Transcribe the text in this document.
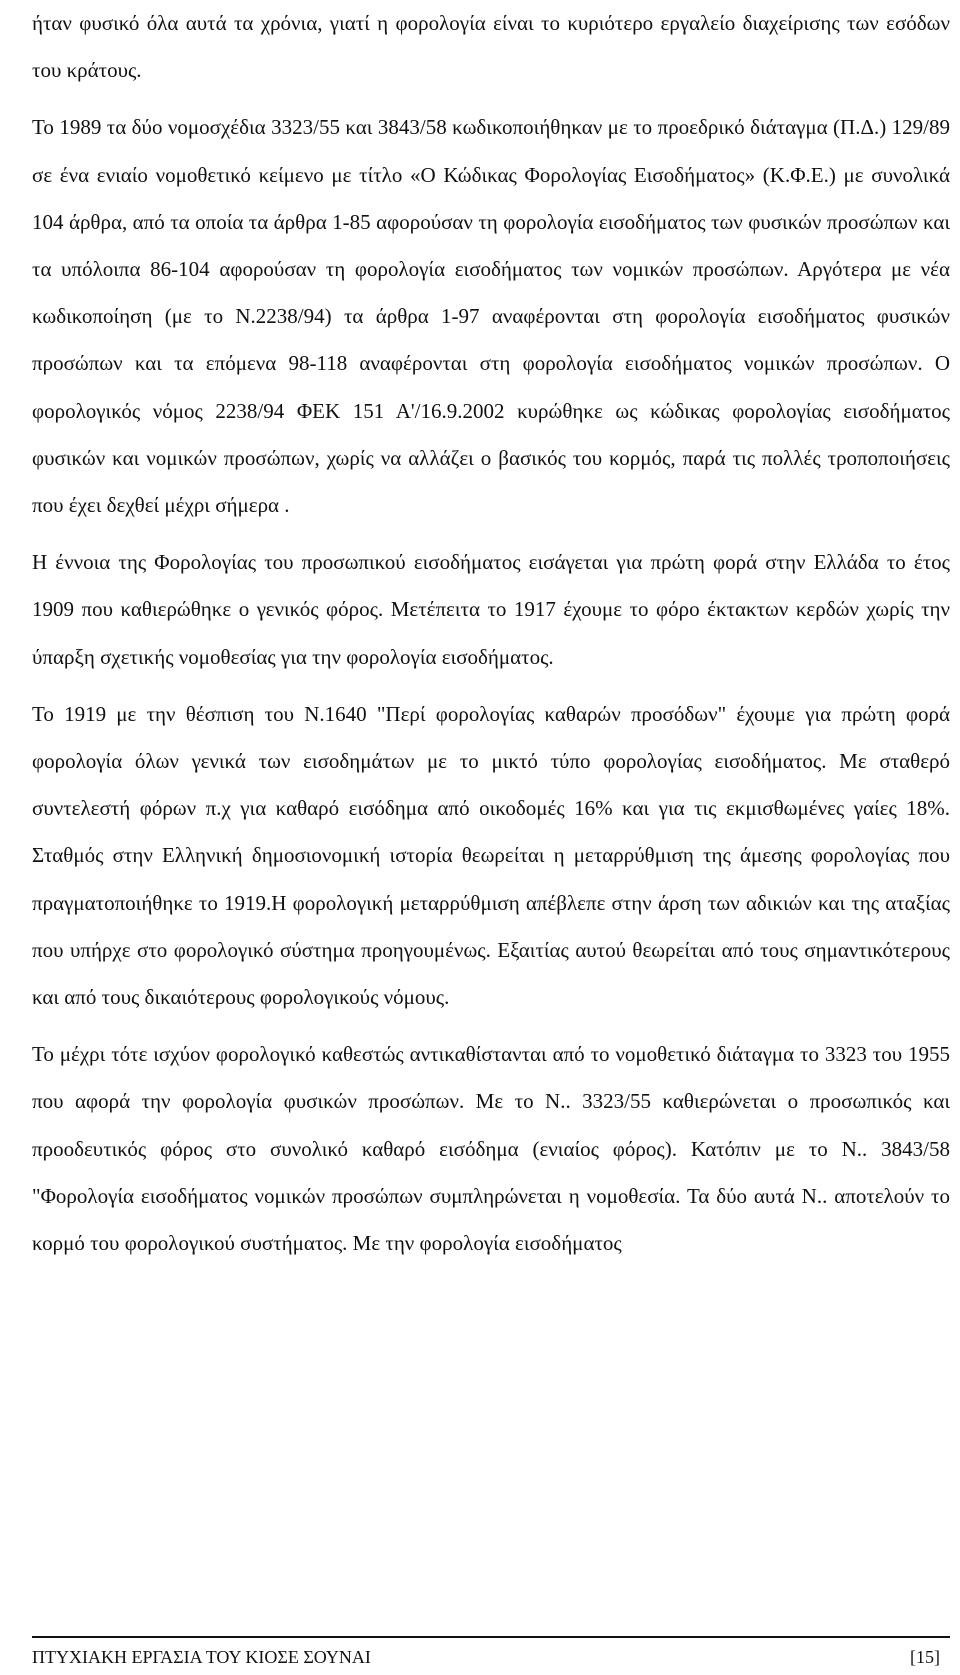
ήταν φυσικό όλα αυτά τα χρόνια, γιατί η φορολογία είναι το κυριότερο εργαλείο διαχείρισης των εσόδων του κράτους.

Το 1989 τα δύο νομοσχέδια 3323/55 και 3843/58 κωδικοποιήθηκαν με το προεδρικό διάταγμα (Π.Δ.) 129/89 σε ένα ενιαίο νομοθετικό κείμενο με τίτλο «Ο Κώδικας Φορολογίας Εισοδήματος» (Κ.Φ.Ε.) με συνολικά 104 άρθρα, από τα οποία τα άρθρα 1-85 αφορούσαν τη φορολογία εισοδήματος των φυσικών προσώπων και τα υπόλοιπα 86-104 αφορούσαν τη φορολογία εισοδήματος των νομικών προσώπων. Αργότερα με νέα κωδικοποίηση (με το Ν.2238/94) τα άρθρα 1-97 αναφέρονται στη φορολογία εισοδήματος φυσικών προσώπων και τα επόμενα 98-118 αναφέρονται στη φορολογία εισοδήματος νομικών προσώπων. Ο φορολογικός νόμος 2238/94 ΦΕΚ 151 Α'/16.9.2002 κυρώθηκε ως κώδικας φορολογίας εισοδήματος φυσικών και νομικών προσώπων, χωρίς να αλλάζει ο βασικός του κορμός, παρά τις πολλές τροποποιήσεις που έχει δεχθεί μέχρι σήμερα .

Η έννοια της Φορολογίας του προσωπικού εισοδήματος εισάγεται για πρώτη φορά στην Ελλάδα το έτος 1909 που καθιερώθηκε ο γενικός φόρος. Μετέπειτα το 1917 έχουμε το φόρο έκτακτων κερδών χωρίς την ύπαρξη σχετικής νομοθεσίας για την φορολογία εισοδήματος.

Το 1919 με την θέσπιση του Ν.1640 "Περί φορολογίας καθαρών προσόδων" έχουμε για πρώτη φορά φορολογία όλων γενικά των εισοδημάτων με το μικτό τύπο φορολογίας εισοδήματος. Με σταθερό συντελεστή φόρων π.χ για καθαρό εισόδημα από οικοδομές 16% και για τις εκμισθωμένες γαίες 18%. Σταθμός στην Ελληνική δημοσιονομική ιστορία θεωρείται η μεταρρύθμιση της άμεσης φορολογίας που πραγματοποιήθηκε το 1919.Η φορολογική μεταρρύθμιση απέβλεπε στην άρση των αδικιών και της αταξίας που υπήρχε στο φορολογικό σύστημα προηγουμένως. Εξαιτίας αυτού θεωρείται από τους σημαντικότερους και από τους δικαιότερους φορολογικούς νόμους.

Το μέχρι τότε ισχύον φορολογικό καθεστώς αντικαθίστανται από το νομοθετικό διάταγμα το 3323 του 1955 που αφορά την φορολογία φυσικών προσώπων. Με το Ν.. 3323/55 καθιερώνεται ο προσωπικός και προοδευτικός φόρος στο συνολικό καθαρό εισόδημα (ενιαίος φόρος). Κατόπιν με το Ν.. 3843/58 "Φορολογία εισοδήματος νομικών προσώπων συμπληρώνεται η νομοθεσία. Τα δύο αυτά Ν.. αποτελούν το κορμό του φορολογικού συστήματος. Με την φορολογία εισοδήματος

ΠΤΥΧΙΑΚΗ ΕΡΓΑΣΙΑ ΤΟΥ ΚΙΟΣΕ ΣΟΥΝΑΙ	[15]
